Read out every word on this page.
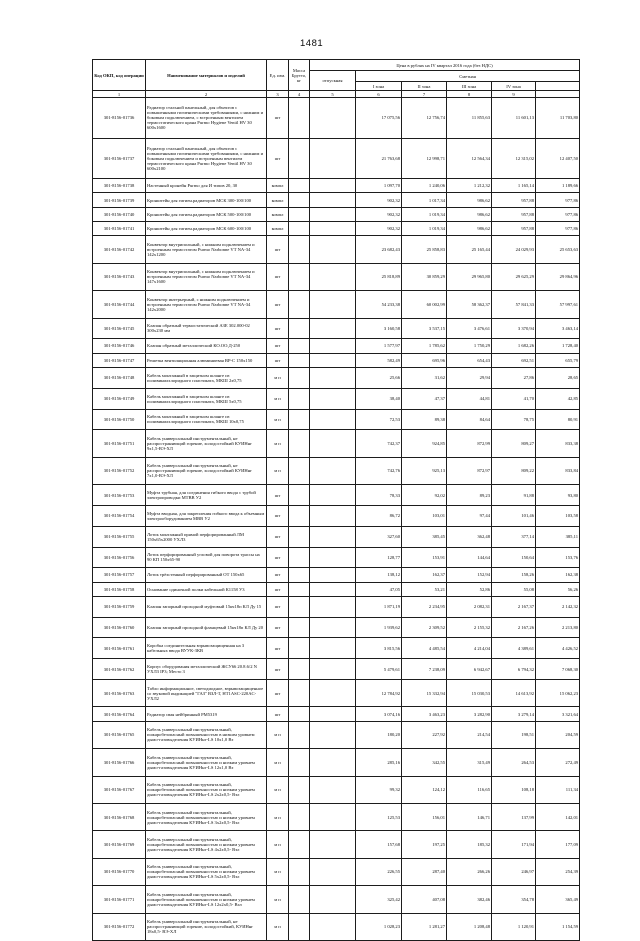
1481
Код ОКП, код операции	Наименование материалов и изделий	Ед. изм.	Масса Брутто, кг	Цена в рублях на IV квартал 2016 года (без НДС)					
				отпускная	Сметная				
					I зона	II зона	III зона	IV зона	
1	2	3	4	5	6	7	8	9	
301-8156-01736	Радиатор стальной панельный, для объектов с повышенными гигиеническими требованиями, с нижним и боковым подключением, с встроенным вентилем термостатического крана Purmo Hygiene Ventil HV 30 600х1600	шт			17 075,56	12 756,74	11 855,63	11 601,13	11 703,80
301-8156-01737	Радиатор стальной панельный, для объектов с повышенными гигиеническими требованиями, с нижним и боковым подключением и встроенным вентилем термостатического крана Purmo Hygiene Ventil HV 30 600х2100	шт			21 763,68	12 998,71	12 564,34	12 315,02	12 407,50
301-8156-01738	Настенный кронейн Purmo для И типов 20, 30	компл			1 097,70	1 240,06	1 212,32	1 165,14	1 189,66
301-8156-01739	Кронштейн для гигиен.радиаторов МСК 300-100/100	компл			902,32	1 017,34	986,62	957,88	977,86
301-8156-01740	Кронштейн для гигиен.радиаторов МСК 500-100/100	компл			902,32	1 019,34	986,62	957,88	977,86
301-8156-01741	Кронштейн для гигиен.радиаторов МСК 600-100/100	компл			902,32	1 019,34	986,62	957,88	977,86
301-8156-01742	Конвектор внутрипольный, с нижним подключением и встроенным термостатом Purmo Narbonne VT NA-34 142х1200	шт			23 682,43	25 858,83	25 165,44	24 029,93	25 653,63
301-8156-01743	Конвектор внутрипольный, с нижним подключением и встроенным термостатом Purmo Narbonne VT NA-34 147х1600	шт			25 818,89	30 859,29	29 965,80	29 625,29	29 864,96
301-8156-01744	Конвектор интерьерный, с нижним подключением и встроенным термостатом Purmo Narbonne VT NA-34 142х2000	шт			54 233,38	60 002,99	58 362,37	57 841,33	57 997,61
301-8156-01745	Клапан обратный термостатический АЗЕ 302.000-02 300х230 мм	шт			3 160,58	3 537,15	3 476,61	3 370,94	3 463,14
301-8156-01746	Клапан обратный металлический КО.ОО.Д-250	шт			1 577,97	1 785,62	1 750,29	1 682,26	1 728,40
301-8156-01747	Решетка вентиляционная алюминиевая ВР-С 150х150	шт			582,49	695,96	654,43	692,51	655,79
301-8156-01748	Кабель монтажный в защитном шланге из поливинилхлоридного пластиката, МКШ 2х0,75	м п			25,66	31,62	29,94	27,86	28,65
301-8156-01749	Кабель монтажный в защитном шланге из поливинилхлоридного пластиката, МКШ 5х0,75	м п			38,40	47,37	44,81	41,70	42,85
301-8156-01750	Кабель монтажный в защитном шланге из поливинилхлоридного пластиката, МКШ 10х0,75	м п			72,53	89,38	84,64	78,75	80,91
301-8156-01751	Кабель универсальный инструментальный, не распространяющий горение, холодостойкий КУИНнг 9х1,5-ВЭ-ХЛ	м п			742,37	924,85	872,99	809,27	833,38
301-8156-01752	Кабель универсальный инструментальный, не распространяющий горение, холодостойкий КУИНнг 7х1,0-ВЭ-ХЛ	м п			742,76	925,13	872,97	809,22	833,84
301-8156-01753	Муфта трубная, для соединения гибкого ввода с трубой электропроводки МТВВ У2	шт			78,33	92,02	89,23	91,88	93,80
301-8156-01754	Муфта вводная, для закрепления гибкого ввода к объемным электрооборудованием МВВ У2	шт			86,72	103,01	97,44	101,46	103,58
301-8156-01755	Лоток монтажный прямой перфорированный ЛМ 150х65х2000 УХЛ3	шт			327,60	385,45	362,48	377,14	385,11
301-8156-01756	Лоток перфорированный угловой для поворота трассы на 90 КП 150х65-90	шт			128,77	153,91	144,64	150,64	153,76
301-8156-01757	Лоток трёхстенный перфорированный ОТ 150х65	шт			138,12	162,37	152,94	158,26	162,38
301-8156-01758	Основание одиночной полки кабельной К1158 У3	шт			47,05	53,21	52,86	55,08	56,26
301-8156-01759	Клапан запорный проходной муфтовый 15кч18п КЛ Ду 15	шт			1 871,19	2 234,95	2 082,31	2 167,37	2 142,32
301-8156-01760	Клапан запорный проходной фланцевый 15кч18п КЛ Ду 20	шт			1 939,62	2 309,52	2 155,32	2 167,26	2 213,80
301-8156-01761	Коробка соединительная взрывозащищенная на 3 кабельных ввода ВУУК-3КВ	шт			3 815,56	4 485,54	4 214,04	4 389,61	4 426,52
301-8156-01762	Корпус оборудования металлический ЖСУ66 20.8.6/2 N УХЛ3 IP3; Место 3	шт			5 479,61	7 238,09	6 942,67	6 794,32	7 068,30
301-8156-01763	Табло информационное, светодиодное, взрывозащищенное со звуковой индикацией "ГАЗ" ВЗЛ-Т, HT1ASC-220AC-УХЛ2	шт			12 784,92	15 332,94	15 030,53	14 613,92	15 062,23
301-8156-01764	Радиатор свая нейбринный РМ5319	шт			3 074,16	3 463,23	3 282,90	3 279,14	3 321,64
301-8156-01765	Кабель универсальный инструментальный, пожаробезопасный повышенностью в низким уровнем дымо-газовыделения КУИНнг-LS 10х1,0 Вэ	м п			180,20	227,92	214,54	198,51	204,59
301-8156-01766	Кабель универсальный инструментальный, пожаробезопасный повышенностью и низким уровнем дымо-газовыделения КУИНнг-LS 12х1,0 Вэ	м п			285,16	342,55	315,49	264,53	272,49
301-8156-01767	Кабель универсальный инструментальный, пожаробезопасный повышенностью и низким уровнем дымо-газовыделения КУИНнг-LS 2х2х0,5- Вэл	м п			99,32	124,12	116,65	108,18	111,34
301-8156-01768	Кабель универсальный инструментальный, пожаробезопасный повышенностью и низким уровнем дымо-газовыделения КУИНнг-LS 3х2х0,5- Вэл	м п			125,53	156,01	146,71	137,99	142,01
301-8156-01769	Кабель универсальный инструментальный, пожаробезопасный повышенностью и низким уровнем дымо-газовыделения КУИНнг-LS 4х2х0,5- Вэл	м п			157,68	197,25	185,32	171,94	177,09
301-8156-01770	Кабель универсальный инструментальный, пожаробезопасный повышенностью и низким уровнем дымо-газовыделения КУИНнг-LS 5х2х0,5- Вэл	м п			226,55	287,40	266,26	246,97	254,39
301-8156-01771	Кабель универсальный инструментальный, пожаробезопасный повышенностью и низким уровнем дымо-газовыделения КУИНнг-LS 12х2х0,5- Вэл	м п			325,42	407,08	382,46	354,78	365,49
301-8156-01772	Кабель универсальный инструментальный, не распространяющий горение, холодостойкий, КУИНнг 18х0,5- ВЭ-ХЛ	м п			1 028,23	1 281,27	1 208,48	1 120,91	1 154,59
